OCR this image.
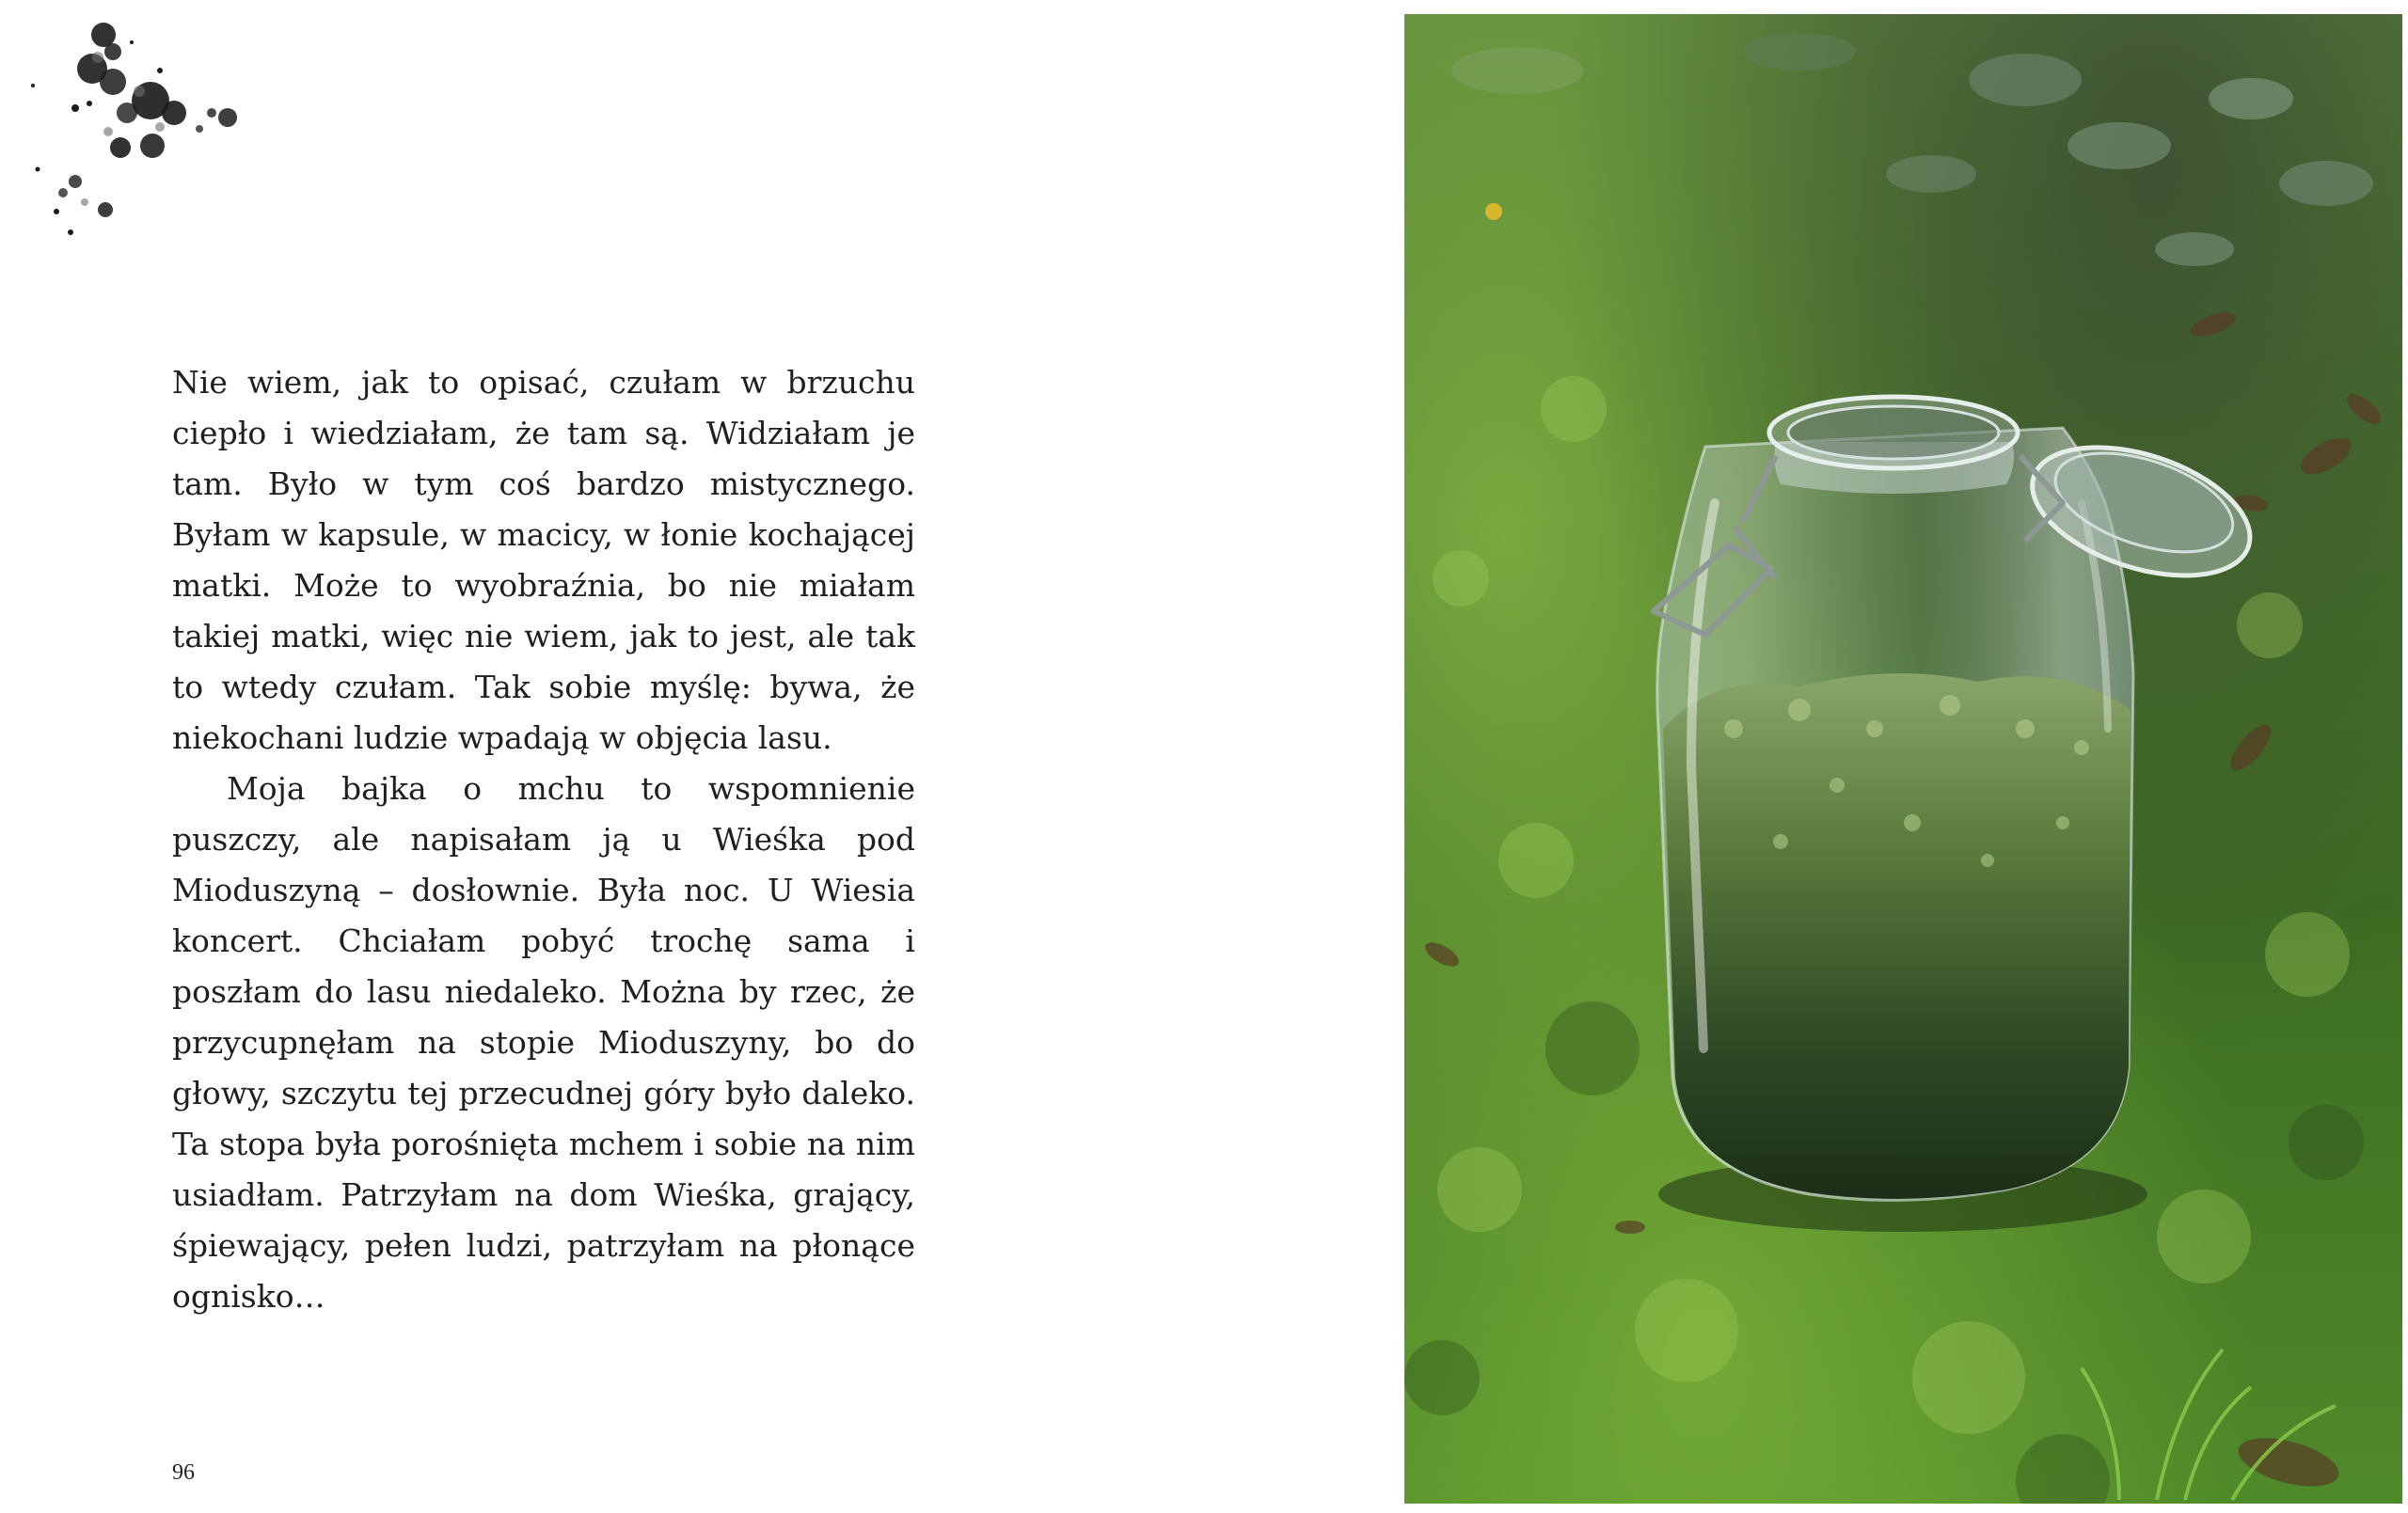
Nie wiem, jak to opisać, czułam w brzuchu ciepło i wiedziałam, że tam są. Widziałam je tam. Było w tym coś bardzo mistycznego. Byłam w kapsule, w macicy, w łonie kochającej matki. Może to wyobraźnia, bo nie miałam takiej matki, więc nie wiem, jak to jest, ale tak to wtedy czułam. Tak sobie myślę: bywa, że niekochani ludzie wpadają w objęcia lasu.

Moja bajka o mchu to wspomnienie puszczy, ale napisałam ją u Wieśka pod Mioduszyną – dosłownie. Była noc. U Wiesia koncert. Chciałam pobyć trochę sama i poszłam do lasu niedaleko. Można by rzec, że przycupnęłam na stopie Mioduszyny, bo do głowy, szczytu tej przecudnej góry było daleko. Ta stopa była porośnięta mchem i sobie na nim usiadłam. Patrzyłam na dom Wieśka, grający, śpiewający, pełen ludzi, patrzyłam na płonące ognisko…

96
